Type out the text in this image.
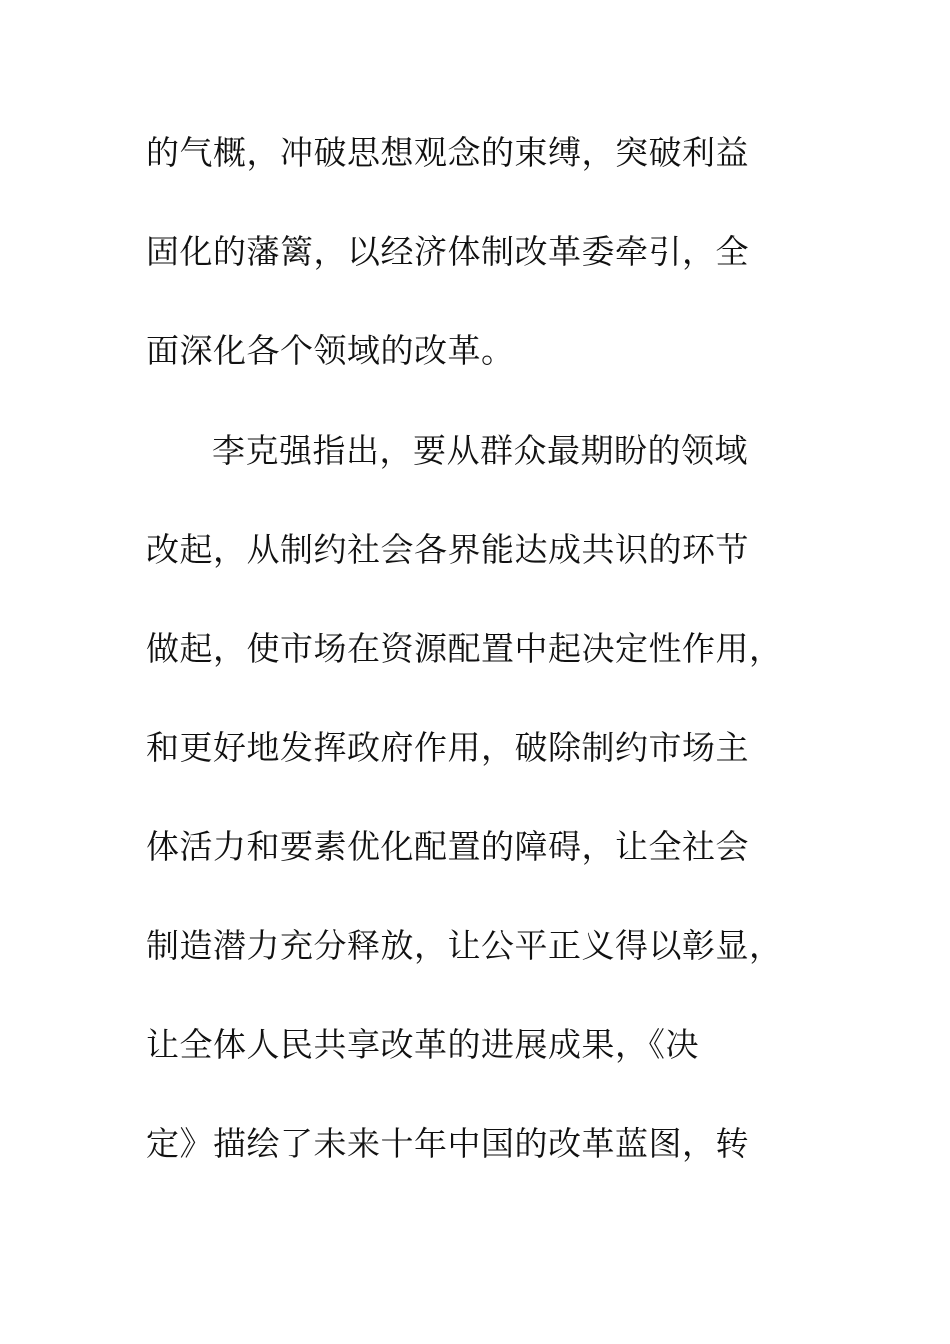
的气概，冲破思想观念的束缚，突破利益
固化的藩篱，以经济体制改革委牵引，全
面深化各个领域的改革。
李克强指出，要从群众最期盼的领域
改起，从制约社会各界能达成共识的环节
做起，使市场在资源配置中起决定性作用，
和更好地发挥政府作用，破除制约市场主
体活力和要素优化配置的障碍，让全社会
制造潜力充分释放，让公平正义得以彰显，
让全体人民共享改革的进展成果，《决
定》描绘了未来十年中国的改革蓝图，转
